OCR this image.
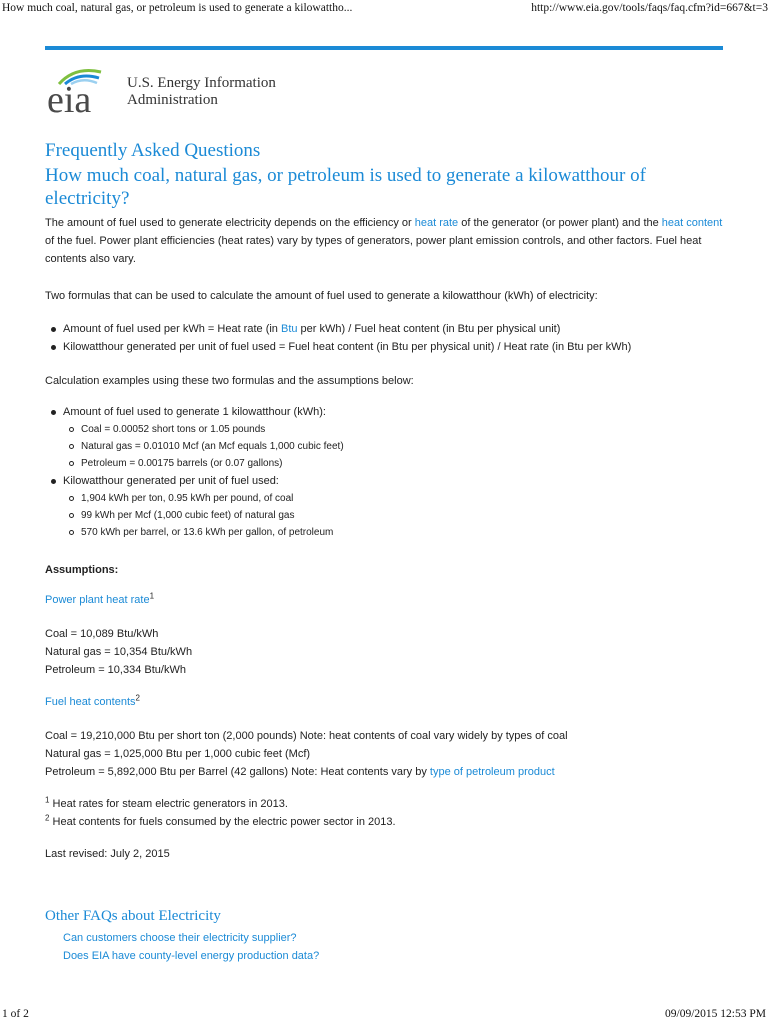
How much coal, natural gas, or petroleum is used to generate a kilowattho...	http://www.eia.gov/tools/faqs/faq.cfm?id=667&t=3
eia U.S. Energy Information
Administration
Frequently Asked Questions
How much coal, natural gas, or petroleum is used to generate a kilowatthour of electricity?

The amount of fuel used to generate electricity depends on the efficiency or heat rate of the generator (or power plant) and the heat content of the fuel. Power plant efficiencies (heat rates) vary by types of generators, power plant emission controls, and other factors. Fuel heat contents also vary.

Two formulas that can be used to calculate the amount of fuel used to generate a kilowatthour (kWh) of electricity:

Amount of fuel used per kWh = Heat rate (in Btu per kWh) / Fuel heat content (in Btu per physical unit)
Kilowatthour generated per unit of fuel used = Fuel heat content (in Btu per physical unit) / Heat rate (in Btu per kWh)

Calculation examples using these two formulas and the assumptions below:

Amount of fuel used to generate 1 kilowatthour (kWh):
Coal = 0.00052 short tons or 1.05 pounds
Natural gas = 0.01010 Mcf (an Mcf equals 1,000 cubic feet)
Petroleum = 0.00175 barrels (or 0.07 gallons)
Kilowatthour generated per unit of fuel used:
1,904 kWh per ton, 0.95 kWh per pound, of coal
99 kWh per Mcf (1,000 cubic feet) of natural gas
570 kWh per barrel, or 13.6 kWh per gallon, of petroleum

Assumptions:

Power plant heat rate$^1$

Coal = 10,089 Btu/kWh

Natural gas = 10,354 Btu/kWh

Petroleum = 10,334 Btu/kWh

Fuel heat contents$^2$

Coal = 19,210,000 Btu per short ton (2,000 pounds) Note: heat contents of coal vary widely by types of coal

Natural gas = 1,025,000 Btu per 1,000 cubic feet (Mcf)

Petroleum = 5,892,000 Btu per Barrel (42 gallons) Note: Heat contents vary by type of petroleum product

$^1$ Heat rates for steam electric generators in 2013.

$^2$ Heat contents for fuels consumed by the electric power sector in 2013.

Last revised: July 2, 2015

Other FAQs about Electricity

Can customers choose their electricity supplier?

Does EIA have county-level energy production data?

1 of 2	09/09/2015 12:53 PM
